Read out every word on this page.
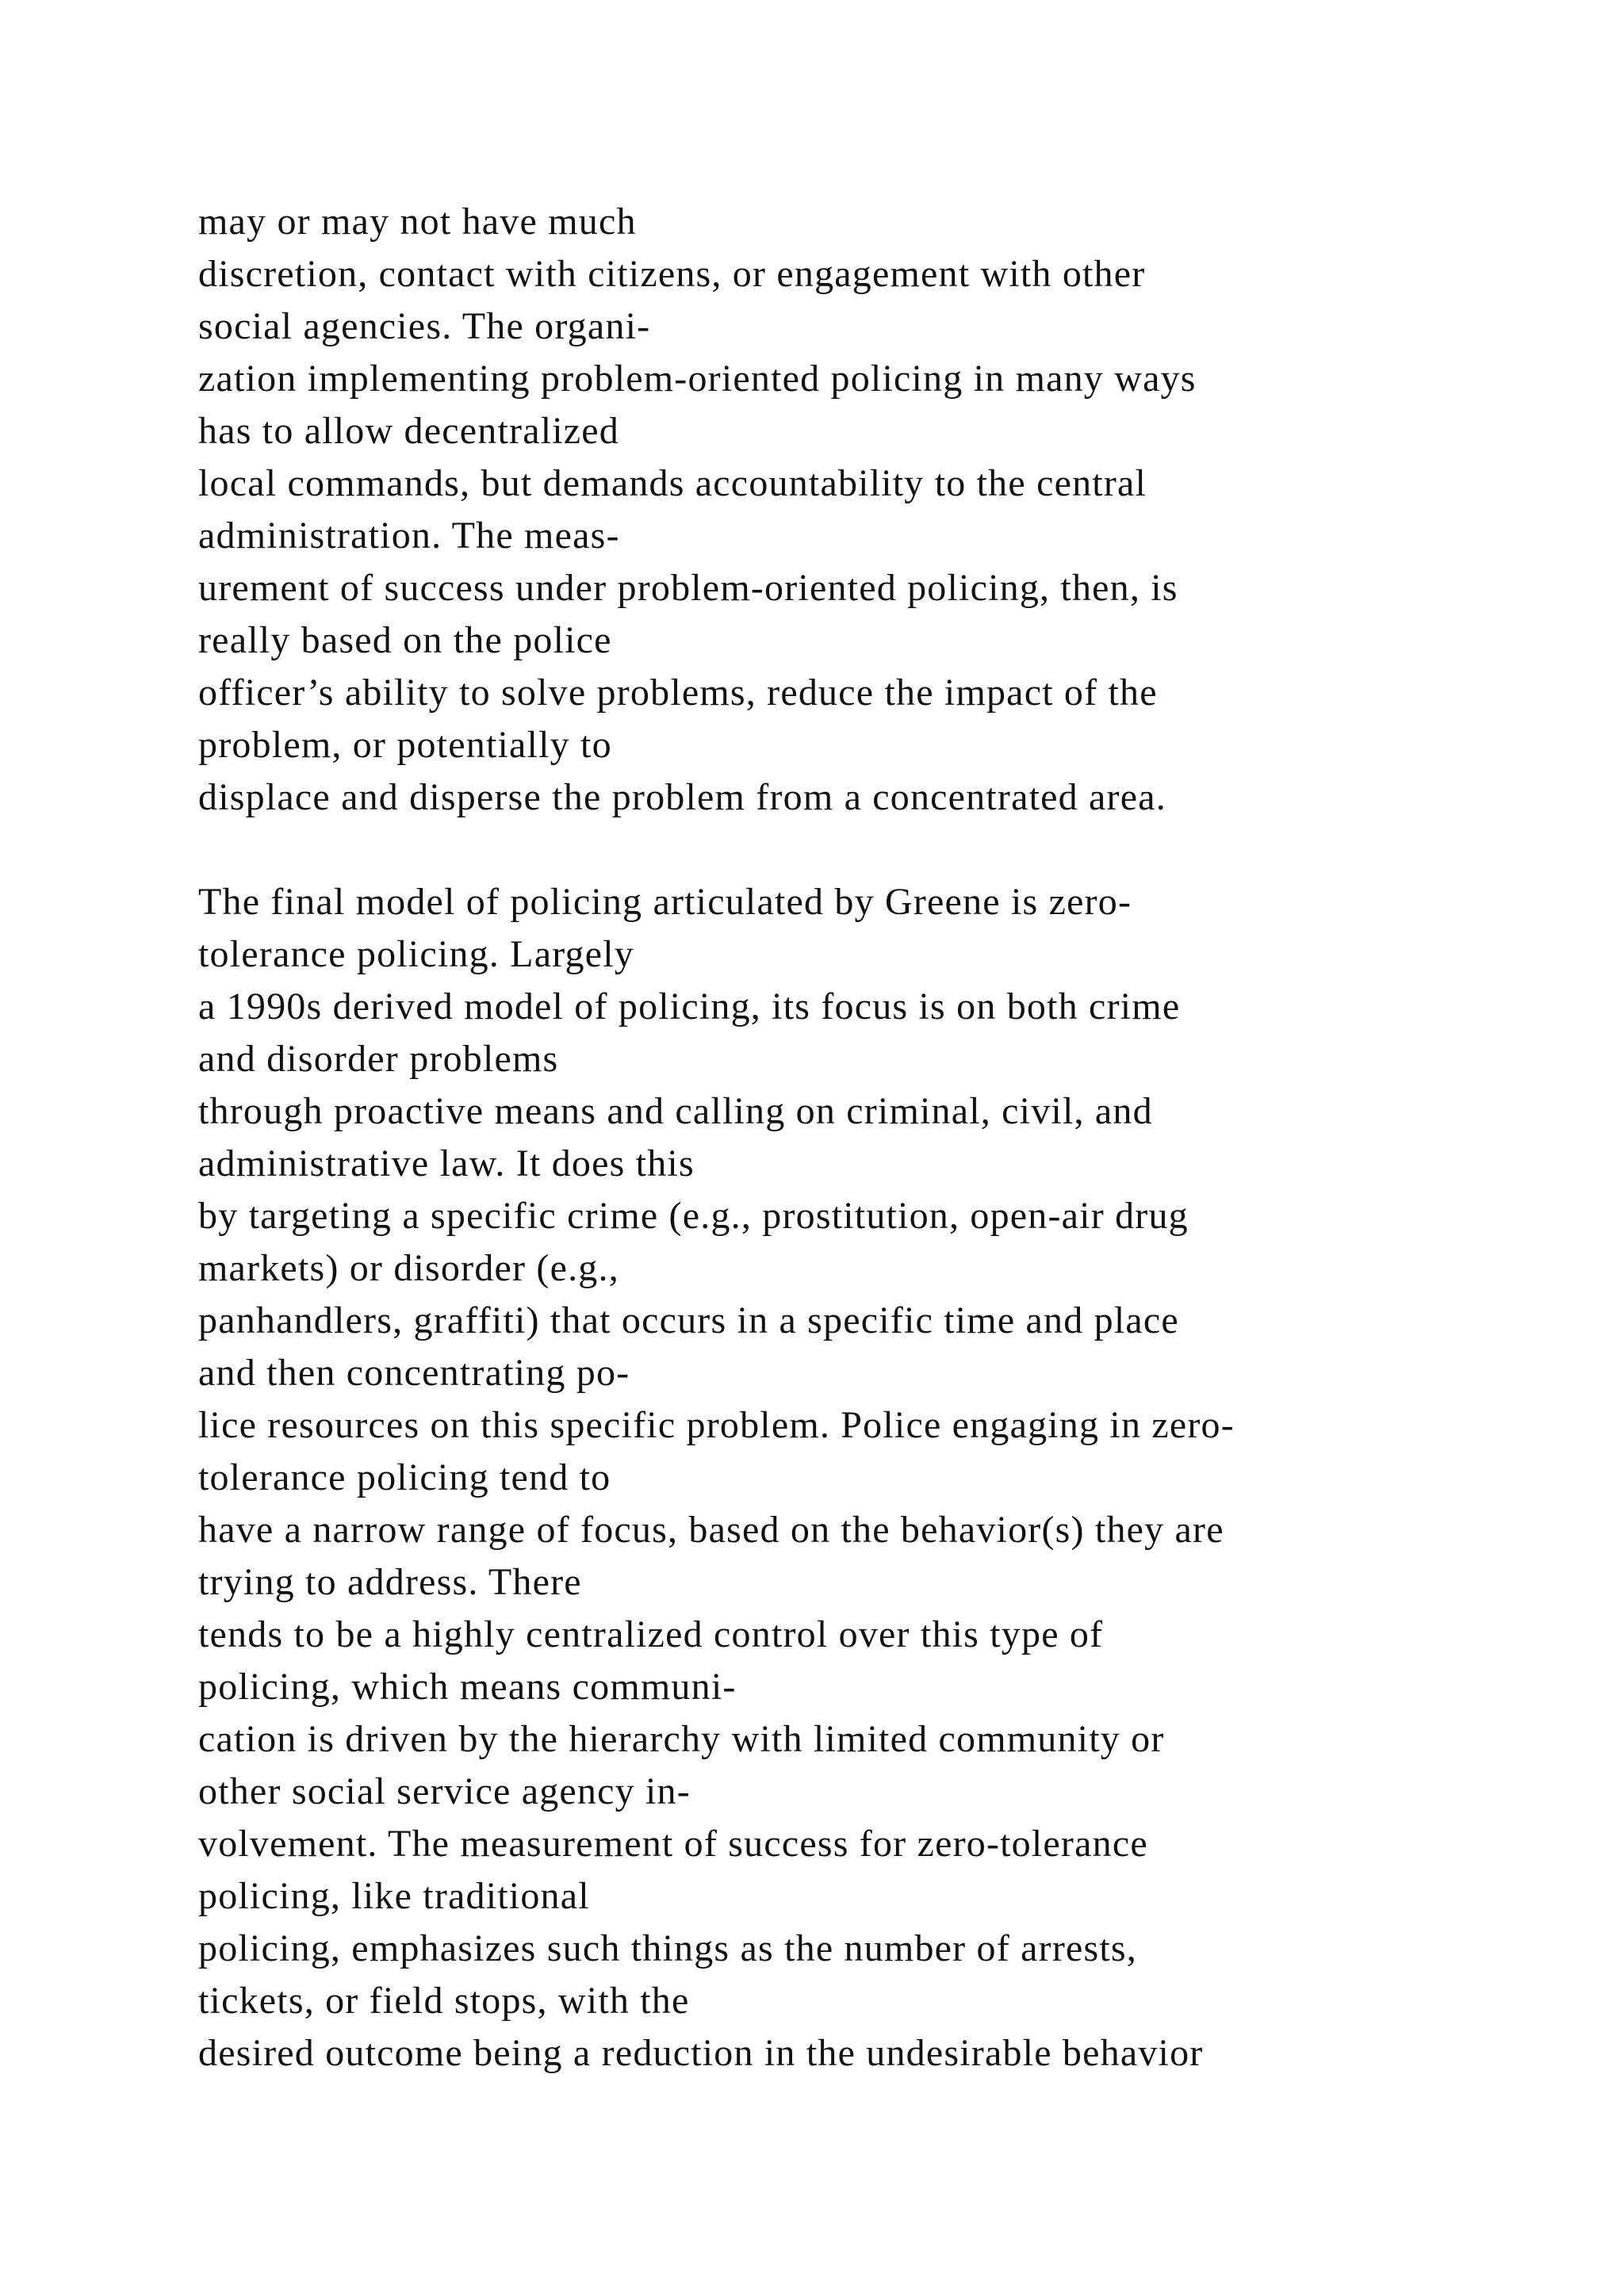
may or may not have much
discretion, contact with citizens, or engagement with other
social agencies. The organi-
zation implementing problem-oriented policing in many ways
has to allow decentralized
local commands, but demands accountability to the central
administration. The meas-
urement of success under problem-oriented policing, then, is
really based on the police
officer’s ability to solve problems, reduce the impact of the
problem, or potentially to
displace and disperse the problem from a concentrated area.

The final model of policing articulated by Greene is zero-
tolerance policing. Largely
a 1990s derived model of policing, its focus is on both crime
and disorder problems
through proactive means and calling on criminal, civil, and
administrative law. It does this
by targeting a specific crime (e.g., prostitution, open-air drug
markets) or disorder (e.g.,
panhandlers, graffiti) that occurs in a specific time and place
and then concentrating po-
lice resources on this specific problem. Police engaging in zero-
tolerance policing tend to
have a narrow range of focus, based on the behavior(s) they are
trying to address. There
tends to be a highly centralized control over this type of
policing, which means communi-
cation is driven by the hierarchy with limited community or
other social service agency in-
volvement. The measurement of success for zero-tolerance
policing, like traditional
policing, emphasizes such things as the number of arrests,
tickets, or field stops, with the
desired outcome being a reduction in the undesirable behavior
